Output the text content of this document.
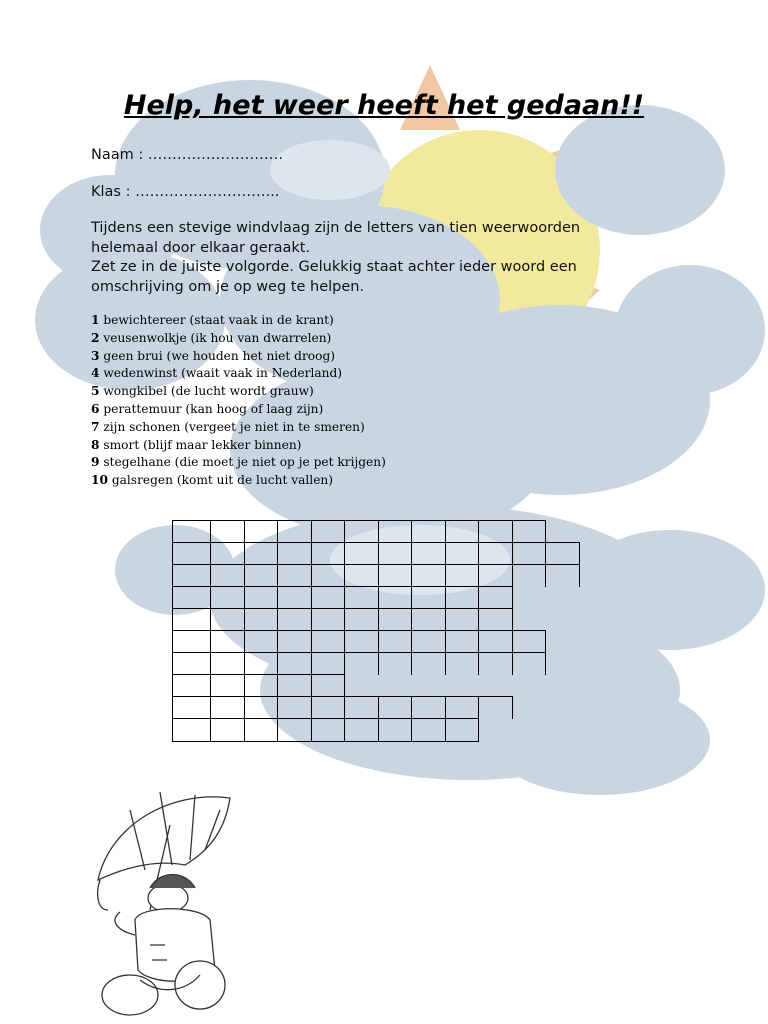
Help, het weer heeft het gedaan!!
Naam : ……………………….
Klas : ………………………...
Tijdens een stevige windvlaag zijn de letters van tien weerwoorden
helemaal door elkaar geraakt.
Zet ze in de juiste volgorde. Gelukkig staat achter ieder woord een
omschrijving om je op weg te helpen.
1 bewichtereer (staat vaak in de krant)
2 veusenwolkje (ik hou van dwarrelen)
3 geen brui (we houden het niet droog)
4 wedenwinst (waait vaak in Nederland)
5 wongkibel (de lucht wordt grauw)
6 perattemuur (kan hoog of laag zijn)
7 zijn schonen (vergeet je niet in te smeren)
8 smort (blijf maar lekker binnen)
9 stegelhane (die moet je niet op je pet krijgen)
10 galsregen (komt uit de lucht vallen)
